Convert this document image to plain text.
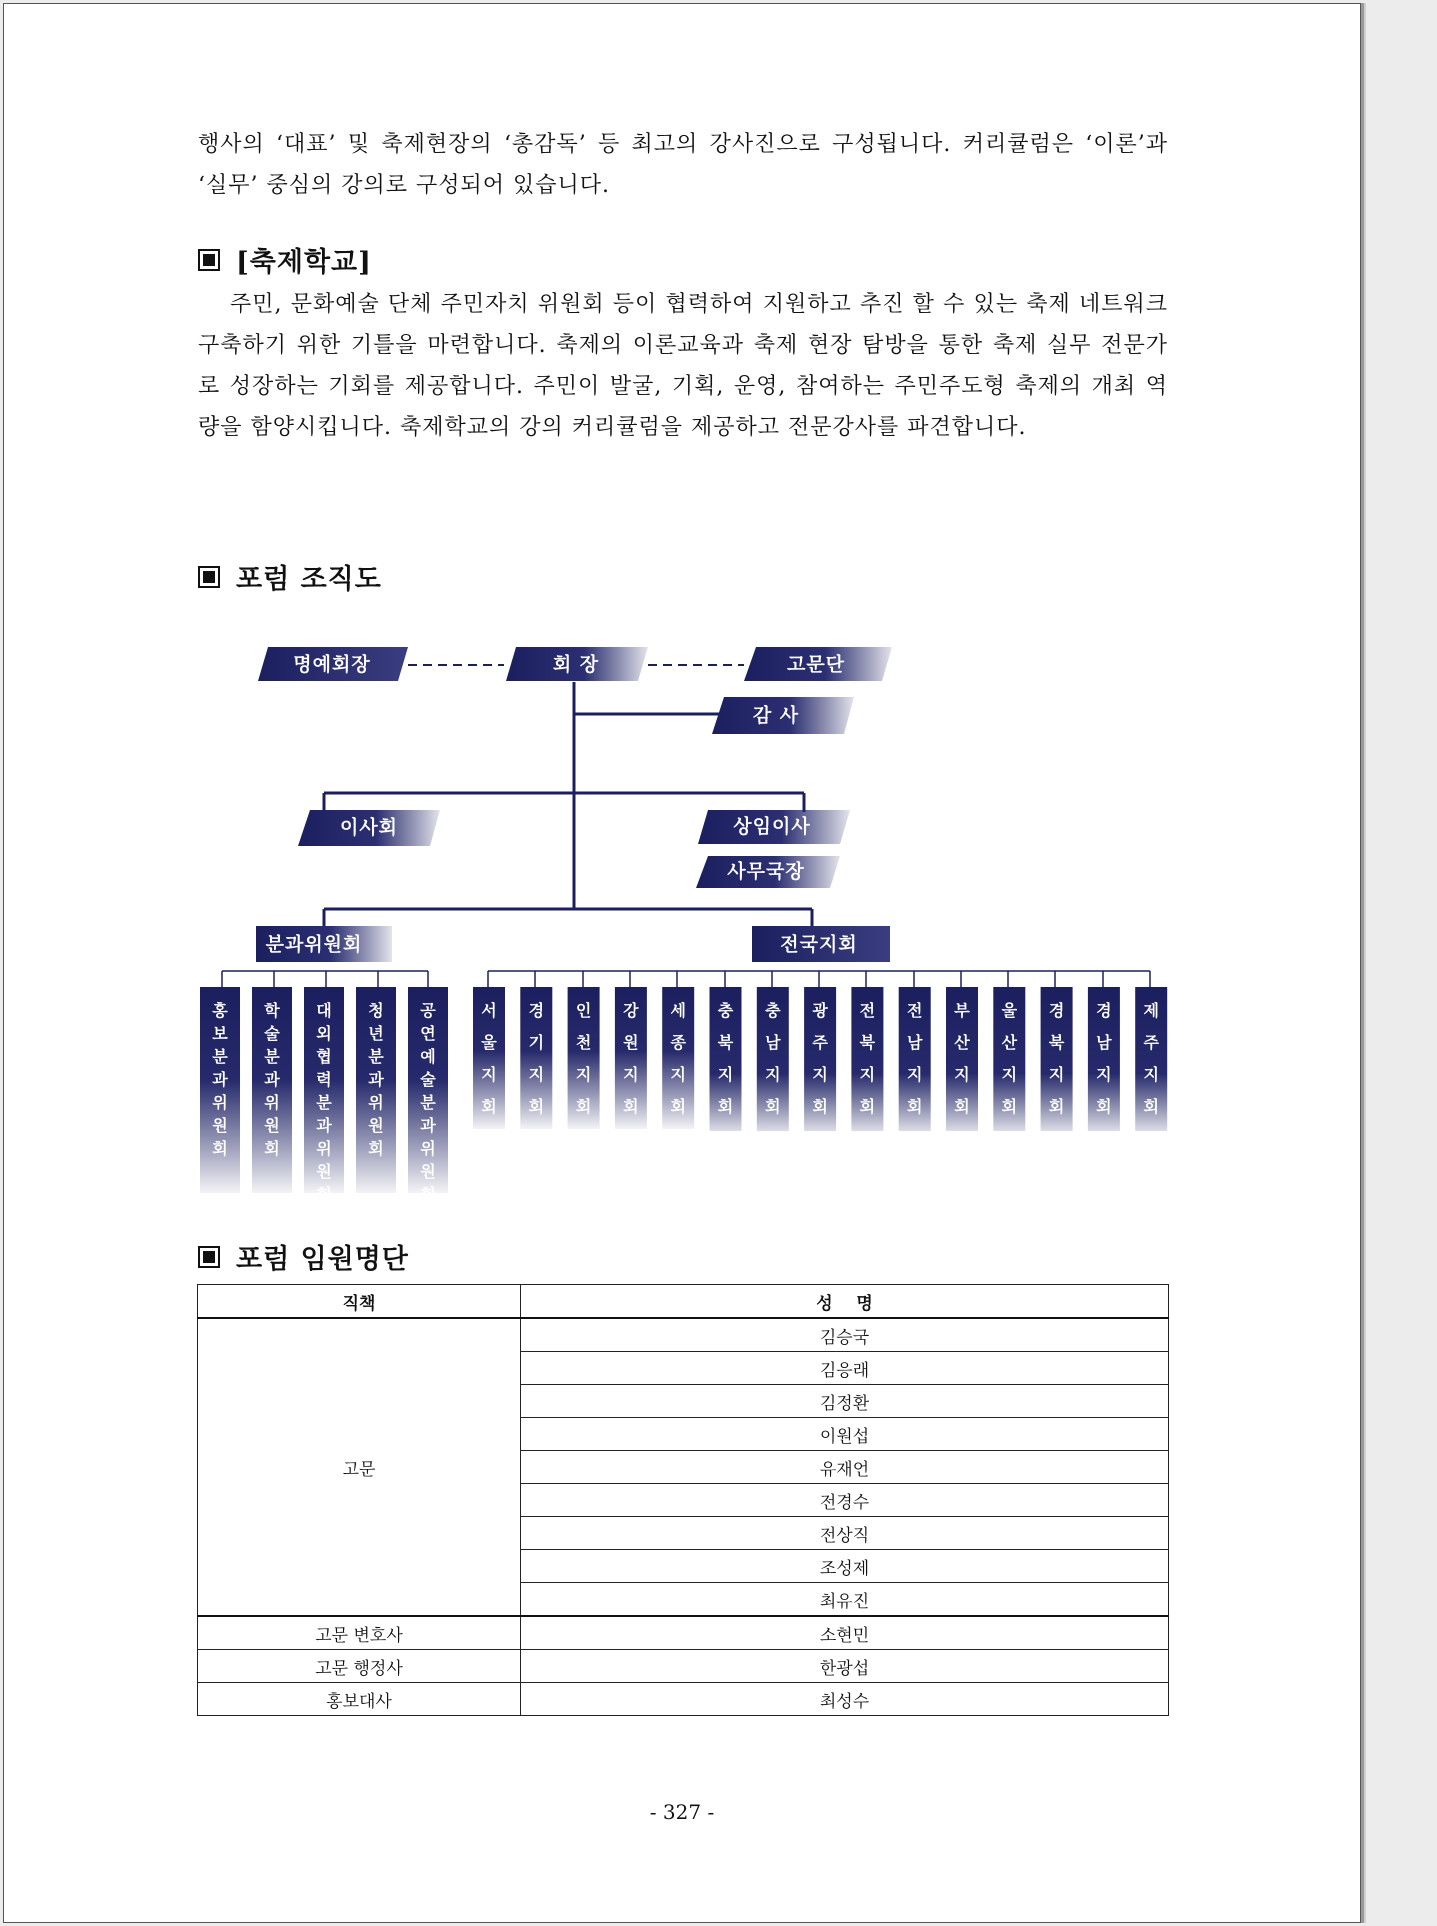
행사의 ‘대표’ 및 축제현장의 ‘총감독’ 등 최고의 강사진으로 구성됩니다. 커리큘럼은 ‘이론’과 ‘실무’ 중심의 강의로 구성되어 있습니다.
[축제학교]
주민, 문화예술 단체 주민자치 위원회 등이 협력하여 지원하고 추진 할 수 있는 축제 네트워크 구축하기 위한 기틀을 마련합니다. 축제의 이론교육과 축제 현장 탐방을 통한 축제 실무 전문가로 성장하는 기회를 제공합니다. 주민이 발굴, 기획, 운영, 참여하는 주민주도형 축제의 개최 역량을 함양시킵니다. 축제학교의 강의 커리큘럼을 제공하고 전문강사를 파견합니다.
포럼 조직도
명예회장	회 장	고문단
감 사
이사회	상임이사
사무국장
분과위원회	전국지회
홍 보 분 과 위 원 회
학 술 분 과 위 원 회
대 외 협 력 분 과 위 원 회
청 년 분 과 위 원 회
공 연 예 술 분 과 위 원 회
서 울 지 회
경 기 지 회
인 천 지 회
강 원 지 회
세 종 지 회
충 북 지 회
충 남 지 회
광 주 지 회
전 북 지 회
전 남 지 회
부 산 지 회
울 산 지 회
경 북 지 회
경 남 지 회
제 주 지 회
포럼 임원명단
직책	성    명
고문	김승국
	김응래
	김정환
	이원섭
	유재언
	전경수
	전상직
	조성제
	최유진
고문 변호사	소현민
고문 행정사	한광섭
홍보대사	최성수
- 327 -
